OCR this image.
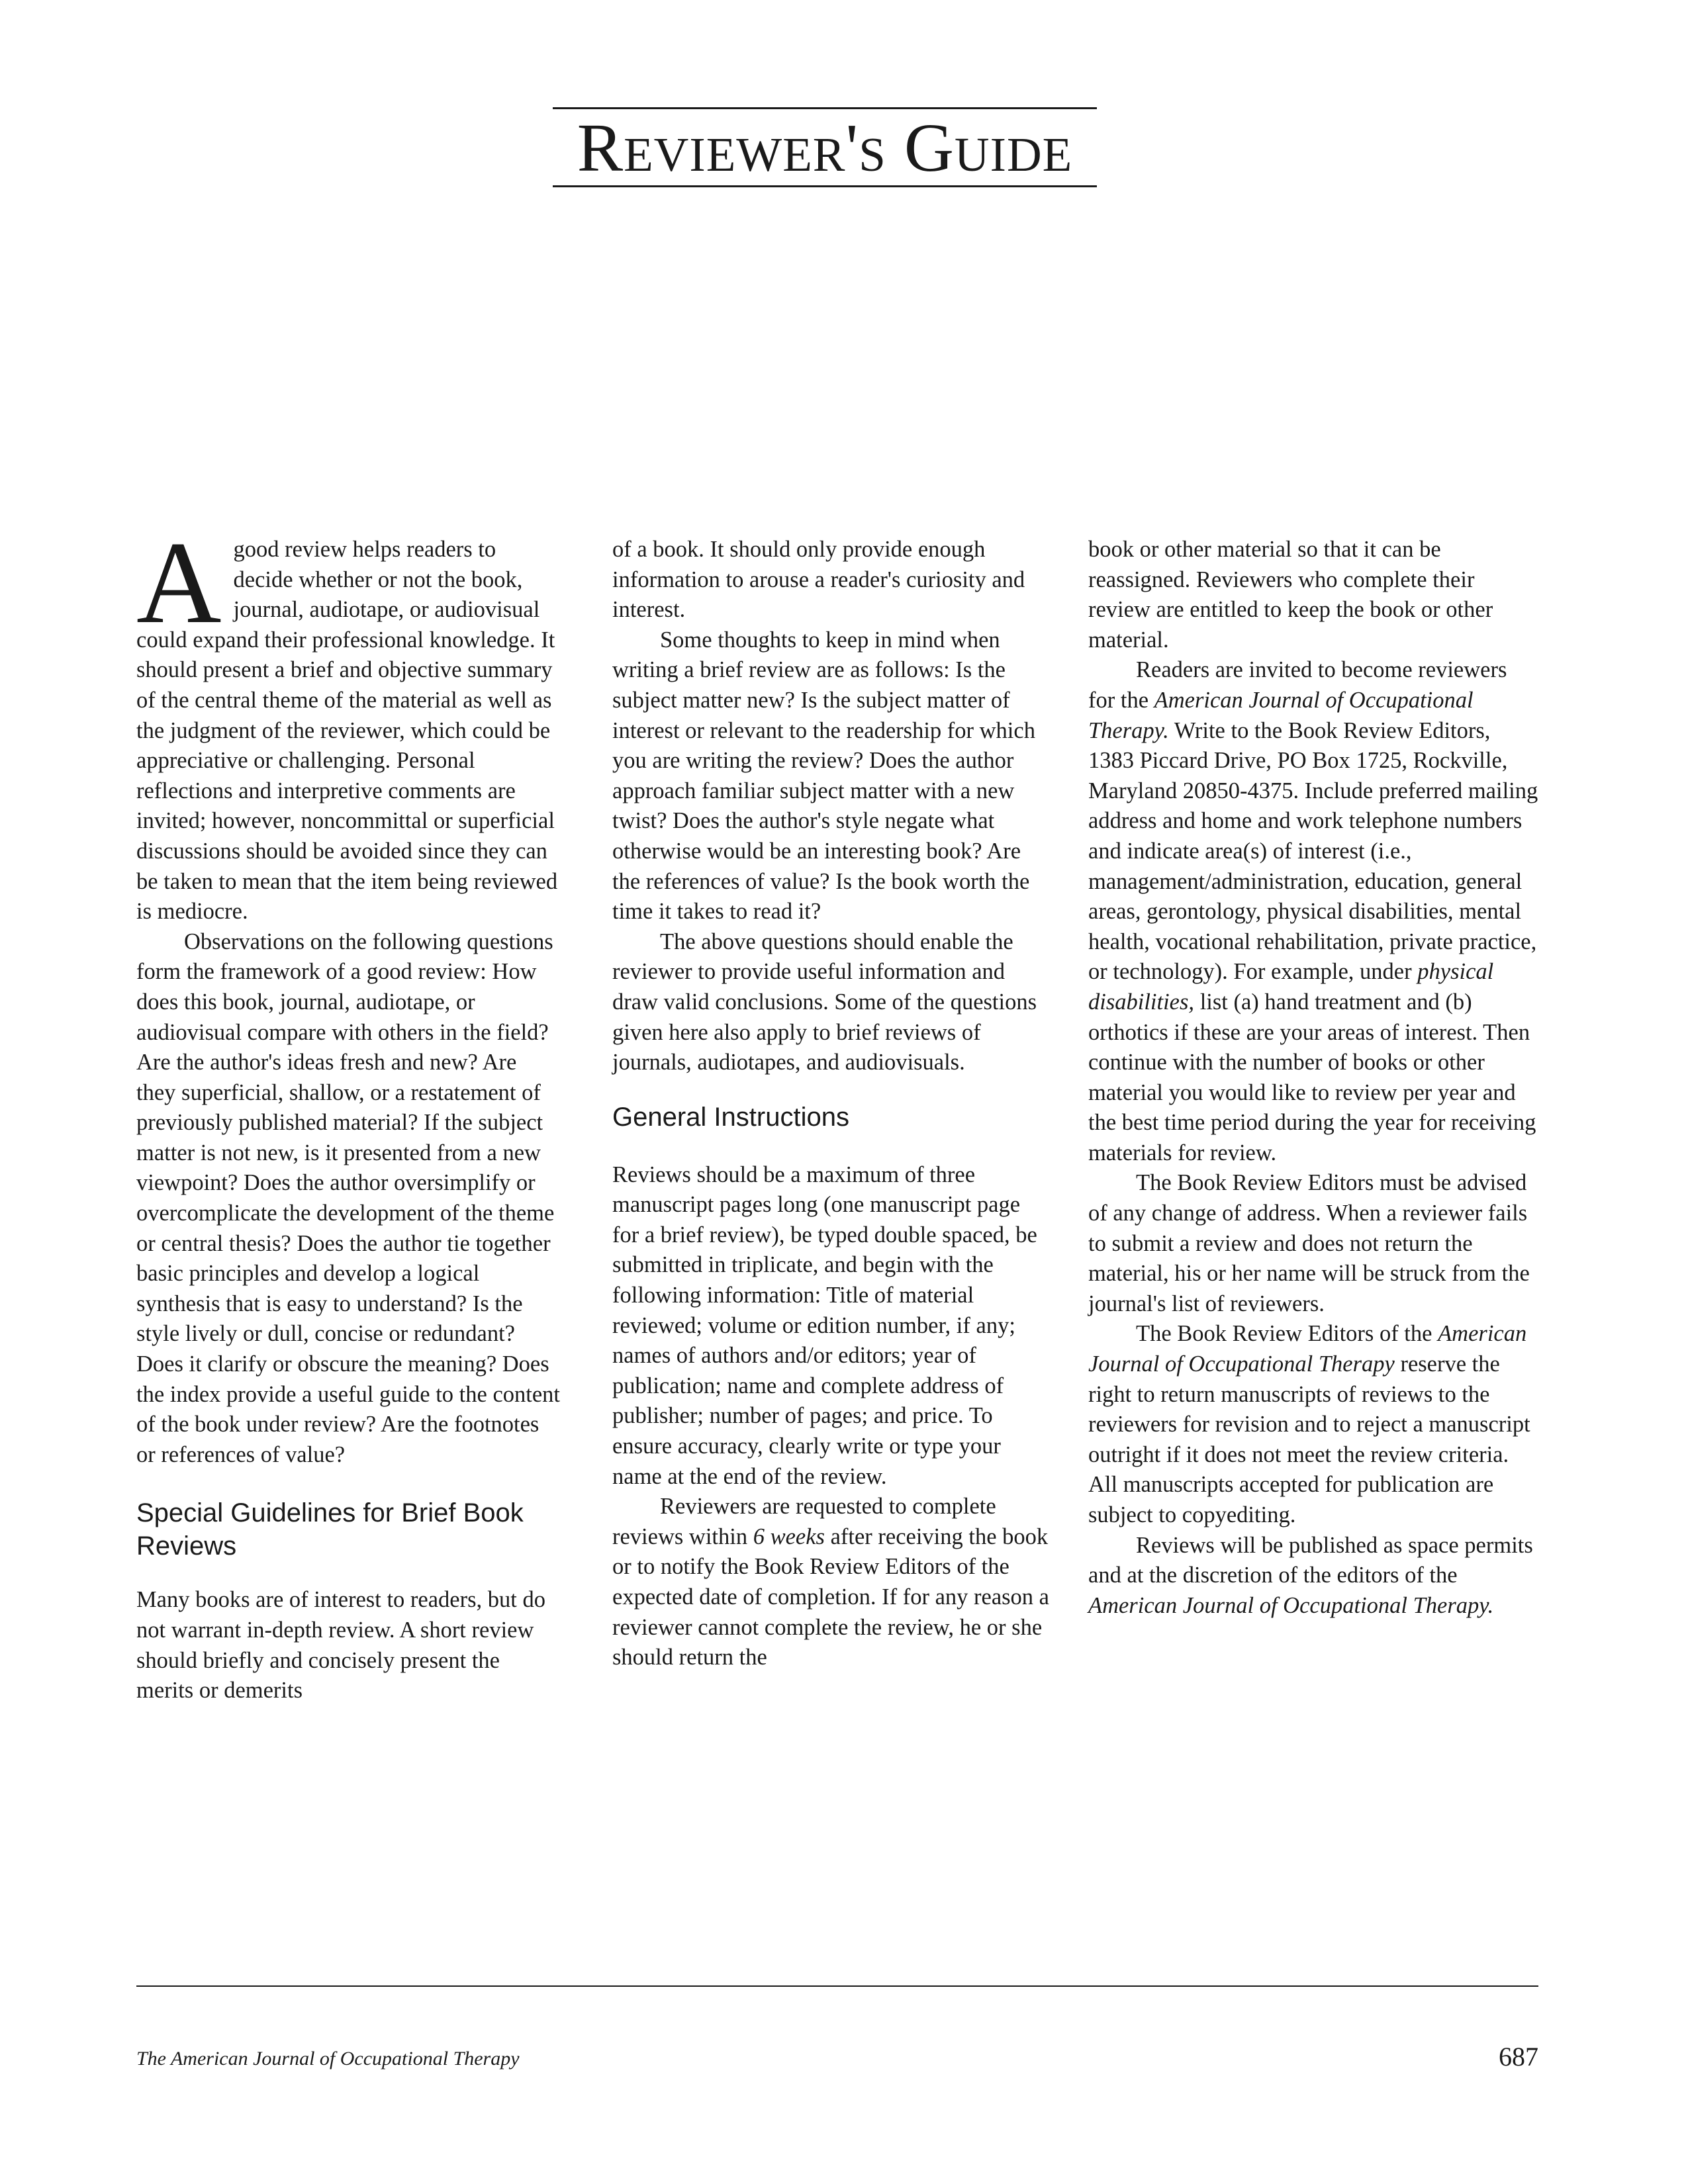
Reviewer's Guide

Agood review helps readers to decide whether or not the book, journal, audiotape, or audiovisual could expand their professional knowledge. It should present a brief and objective summary of the central theme of the material as well as the judgment of the reviewer, which could be appreciative or challenging. Personal reflections and interpretive comments are invited; however, noncommittal or superficial discussions should be avoided since they can be taken to mean that the item being reviewed is mediocre.

Observations on the following questions form the framework of a good review: How does this book, journal, audiotape, or audiovisual compare with others in the field? Are the author's ideas fresh and new? Are they superficial, shallow, or a restatement of previously published material? If the subject matter is not new, is it presented from a new viewpoint? Does the author oversimplify or overcomplicate the development of the theme or central thesis? Does the author tie together basic principles and develop a logical synthesis that is easy to understand? Is the style lively or dull, concise or redundant? Does it clarify or obscure the meaning? Does the index provide a useful guide to the content of the book under review? Are the footnotes or references of value?

Special Guidelines for Brief Book Reviews

Many books are of interest to readers, but do not warrant in-depth review. A short review should briefly and concisely present the merits or demerits

of a book. It should only provide enough information to arouse a reader's curiosity and interest.

Some thoughts to keep in mind when writing a brief review are as follows: Is the subject matter new? Is the subject matter of interest or relevant to the readership for which you are writing the review? Does the author approach familiar subject matter with a new twist? Does the author's style negate what otherwise would be an interesting book? Are the references of value? Is the book worth the time it takes to read it?

The above questions should enable the reviewer to provide useful information and draw valid conclusions. Some of the questions given here also apply to brief reviews of journals, audiotapes, and audiovisuals.

General Instructions

Reviews should be a maximum of three manuscript pages long (one manuscript page for a brief review), be typed double spaced, be submitted in triplicate, and begin with the following information: Title of material reviewed; volume or edition number, if any; names of authors and/or editors; year of publication; name and complete address of publisher; number of pages; and price. To ensure accuracy, clearly write or type your name at the end of the review.

Reviewers are requested to complete reviews within 6 weeks after receiving the book or to notify the Book Review Editors of the expected date of completion. If for any reason a reviewer cannot complete the review, he or she should return the

book or other material so that it can be reassigned. Reviewers who complete their review are entitled to keep the book or other material.

Readers are invited to become reviewers for the American Journal of Occupational Therapy. Write to the Book Review Editors, 1383 Piccard Drive, PO Box 1725, Rockville, Maryland 20850-4375. Include preferred mailing address and home and work telephone numbers and indicate area(s) of interest (i.e., management/administration, education, general areas, gerontology, physical disabilities, mental health, vocational rehabilitation, private practice, or technology). For example, under physical disabilities, list (a) hand treatment and (b) orthotics if these are your areas of interest. Then continue with the number of books or other material you would like to review per year and the best time period during the year for receiving materials for review.

The Book Review Editors must be advised of any change of address. When a reviewer fails to submit a review and does not return the material, his or her name will be struck from the journal's list of reviewers.

The Book Review Editors of the American Journal of Occupational Therapy reserve the right to return manuscripts of reviews to the reviewers for revision and to reject a manuscript outright if it does not meet the review criteria. All manuscripts accepted for publication are subject to copyediting.

Reviews will be published as space permits and at the discretion of the editors of the American Journal of Occupational Therapy.

The American Journal of Occupational Therapy	687
